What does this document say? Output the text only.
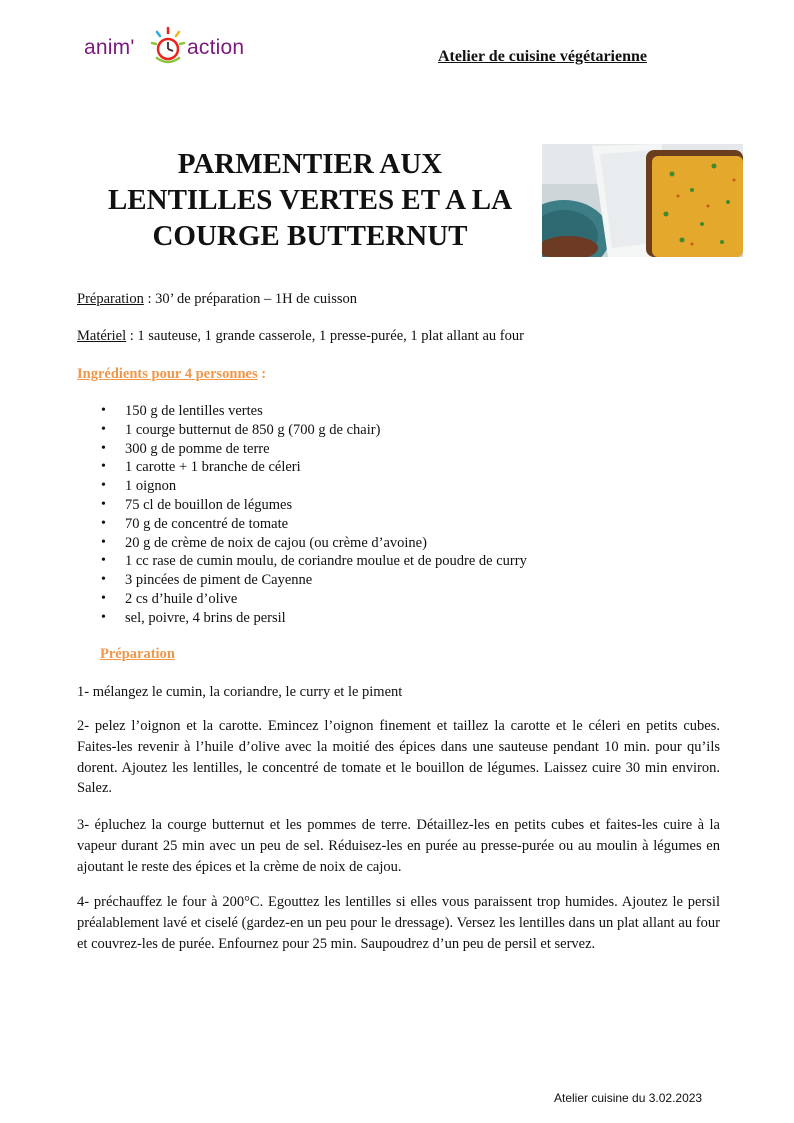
anim' action	Atelier de cuisine végétarienne
PARMENTIER AUX
LENTILLES VERTES ET A LA
COURGE BUTTERNUT
Préparation : 30’ de préparation – 1H de cuisson
Matériel : 1 sauteuse, 1 grande casserole, 1 presse-purée, 1 plat allant au four
Ingrédients pour 4 personnes :
• 150 g de lentilles vertes
• 1 courge butternut de 850 g (700 g de chair)
• 300 g de pomme de terre
• 1 carotte + 1 branche de céleri
• 1 oignon
• 75 cl de bouillon de légumes
• 70 g de concentré de tomate
• 20 g de crème de noix de cajou (ou crème d’avoine)
• 1 cc rase de cumin moulu, de coriandre moulue et de poudre de curry
• 3 pincées de piment de Cayenne
• 2 cs d’huile d’olive
• sel, poivre, 4 brins de persil
Préparation

1- mélangez le cumin, la coriandre, le curry et le piment

2- pelez l’oignon et la carotte. Emincez l’oignon finement et taillez la carotte et le céleri en petits cubes. Faites-les revenir à l’huile d’olive avec la moitié des épices dans une sauteuse pendant 10 min. pour qu’ils dorent. Ajoutez les lentilles, le concentré de tomate et le bouillon de légumes. Laissez cuire 30 min environ. Salez.

3- épluchez la courge butternut et les pommes de terre. Détaillez-les en petits cubes et faites-les cuire à la vapeur durant 25 min avec un peu de sel. Réduisez-les en purée au presse-purée ou au moulin à légumes en ajoutant le reste des épices et la crème de noix de cajou.

4- préchauffez le four à 200°C. Egouttez les lentilles si elles vous paraissent trop humides. Ajoutez le persil préalablement lavé et ciselé (gardez-en un peu pour le dressage). Versez les lentilles dans un plat allant au four et couvrez-les de purée. Enfournez pour 25 min. Saupoudrez d’un peu de persil et servez.

Atelier cuisine du 3.02.2023
